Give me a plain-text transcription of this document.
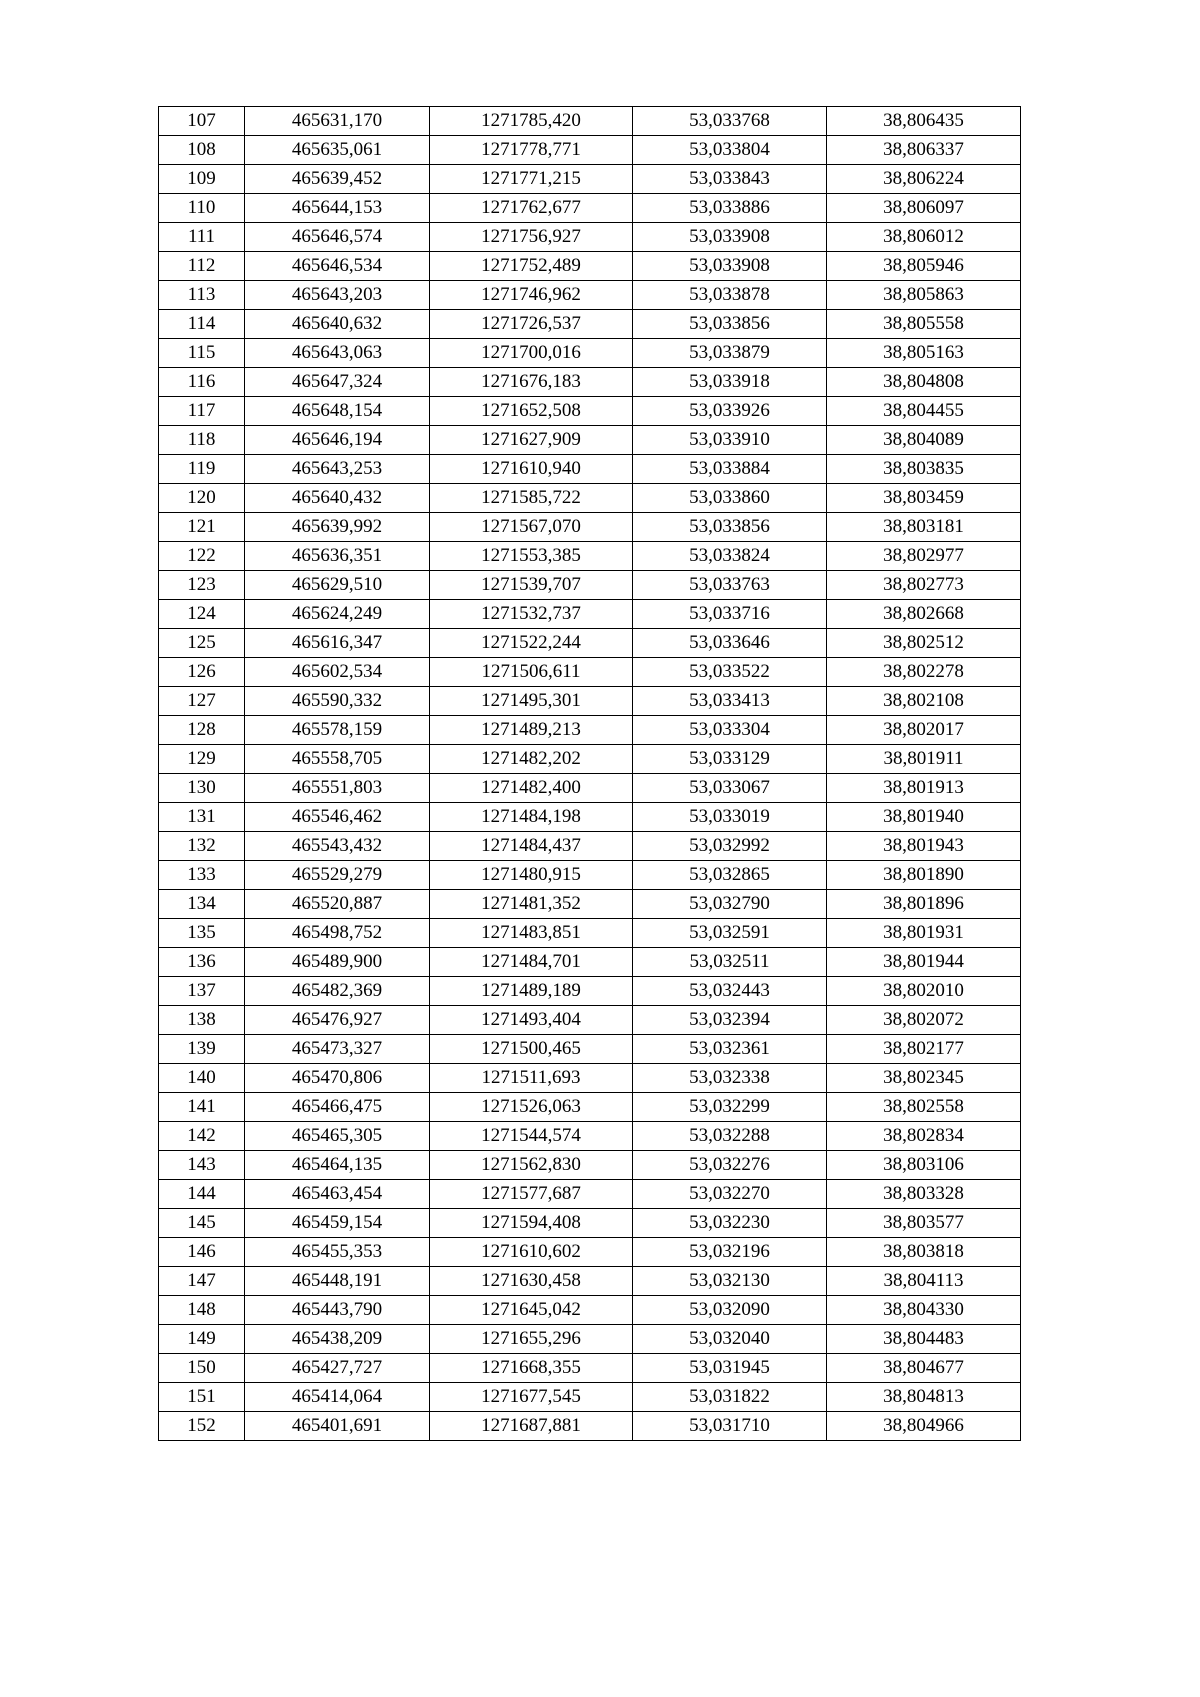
107	465631,170	1271785,420	53,033768	38,806435
108	465635,061	1271778,771	53,033804	38,806337
109	465639,452	1271771,215	53,033843	38,806224
110	465644,153	1271762,677	53,033886	38,806097
111	465646,574	1271756,927	53,033908	38,806012
112	465646,534	1271752,489	53,033908	38,805946
113	465643,203	1271746,962	53,033878	38,805863
114	465640,632	1271726,537	53,033856	38,805558
115	465643,063	1271700,016	53,033879	38,805163
116	465647,324	1271676,183	53,033918	38,804808
117	465648,154	1271652,508	53,033926	38,804455
118	465646,194	1271627,909	53,033910	38,804089
119	465643,253	1271610,940	53,033884	38,803835
120	465640,432	1271585,722	53,033860	38,803459
121	465639,992	1271567,070	53,033856	38,803181
122	465636,351	1271553,385	53,033824	38,802977
123	465629,510	1271539,707	53,033763	38,802773
124	465624,249	1271532,737	53,033716	38,802668
125	465616,347	1271522,244	53,033646	38,802512
126	465602,534	1271506,611	53,033522	38,802278
127	465590,332	1271495,301	53,033413	38,802108
128	465578,159	1271489,213	53,033304	38,802017
129	465558,705	1271482,202	53,033129	38,801911
130	465551,803	1271482,400	53,033067	38,801913
131	465546,462	1271484,198	53,033019	38,801940
132	465543,432	1271484,437	53,032992	38,801943
133	465529,279	1271480,915	53,032865	38,801890
134	465520,887	1271481,352	53,032790	38,801896
135	465498,752	1271483,851	53,032591	38,801931
136	465489,900	1271484,701	53,032511	38,801944
137	465482,369	1271489,189	53,032443	38,802010
138	465476,927	1271493,404	53,032394	38,802072
139	465473,327	1271500,465	53,032361	38,802177
140	465470,806	1271511,693	53,032338	38,802345
141	465466,475	1271526,063	53,032299	38,802558
142	465465,305	1271544,574	53,032288	38,802834
143	465464,135	1271562,830	53,032276	38,803106
144	465463,454	1271577,687	53,032270	38,803328
145	465459,154	1271594,408	53,032230	38,803577
146	465455,353	1271610,602	53,032196	38,803818
147	465448,191	1271630,458	53,032130	38,804113
148	465443,790	1271645,042	53,032090	38,804330
149	465438,209	1271655,296	53,032040	38,804483
150	465427,727	1271668,355	53,031945	38,804677
151	465414,064	1271677,545	53,031822	38,804813
152	465401,691	1271687,881	53,031710	38,804966
